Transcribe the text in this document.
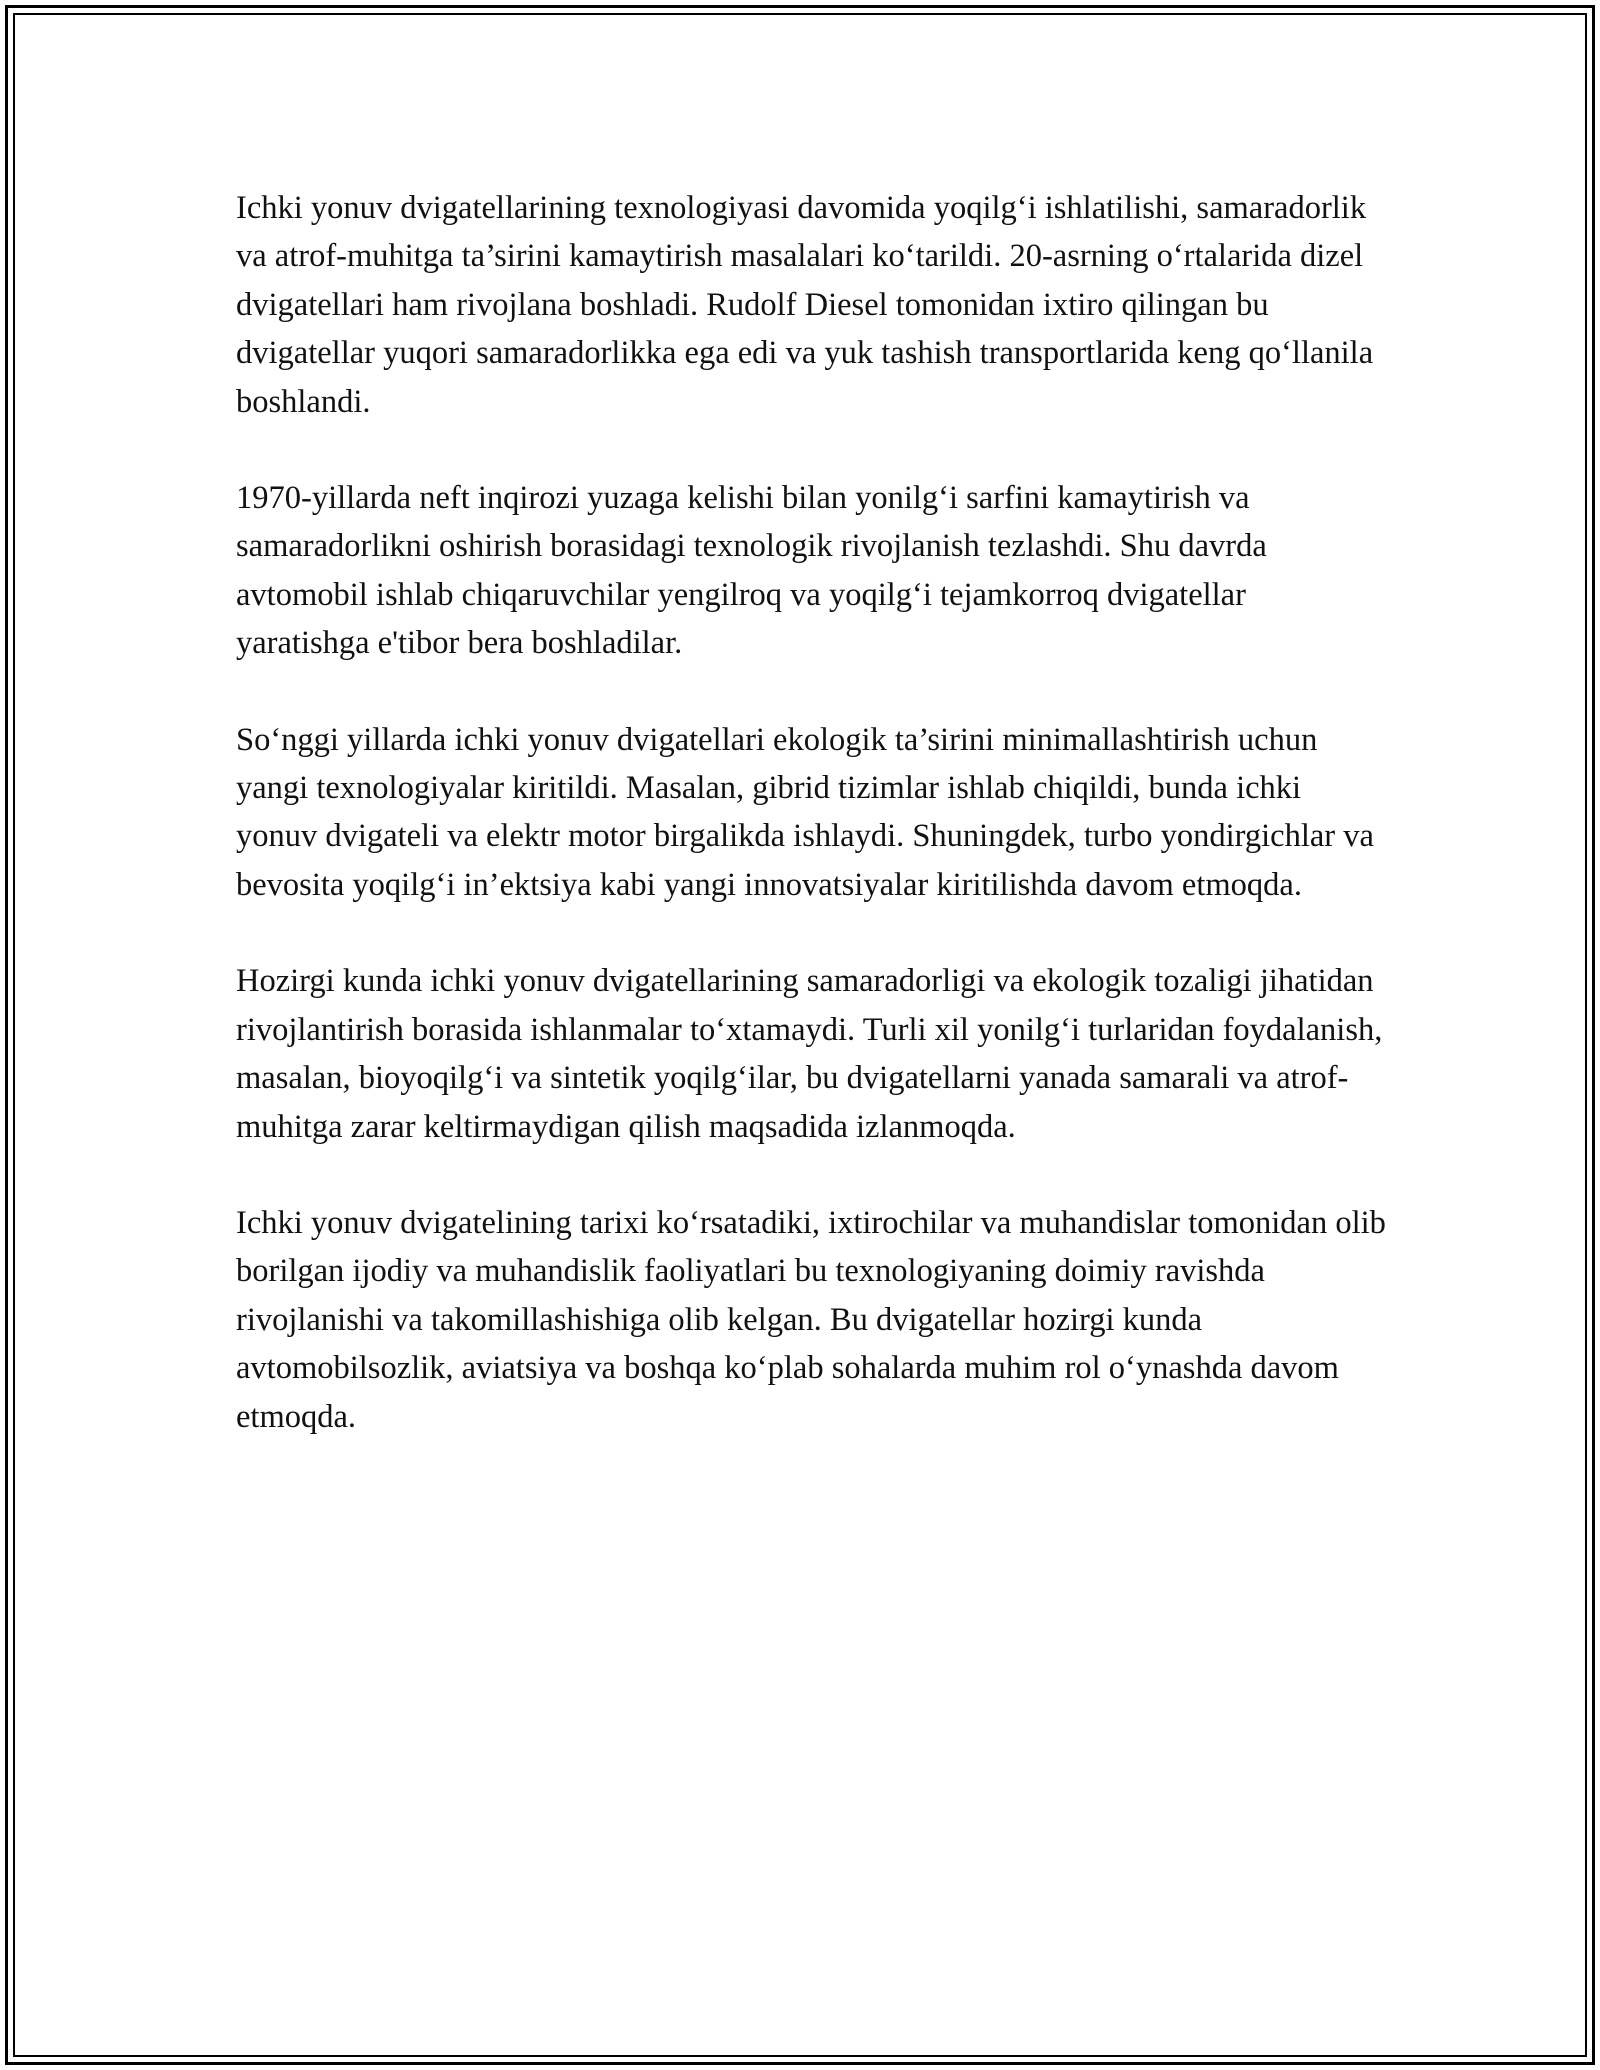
Ichki yonuv dvigatellarining texnologiyasi davomida yoqilg‘i ishlatilishi, samaradorlik va atrof-muhitga ta’sirini kamaytirish masalalari ko‘tarildi. 20-asrning o‘rtalarida dizel dvigatellari ham rivojlana boshladi. Rudolf Diesel tomonidan ixtiro qilingan bu dvigatellar yuqori samaradorlikka ega edi va yuk tashish transportlarida keng qo‘llanila boshlandi.

1970-yillarda neft inqirozi yuzaga kelishi bilan yonilg‘i sarfini kamaytirish va samaradorlikni oshirish borasidagi texnologik rivojlanish tezlashdi. Shu davrda avtomobil ishlab chiqaruvchilar yengilroq va yoqilg‘i tejamkorroq dvigatellar yaratishga e'tibor bera boshladilar.

So‘nggi yillarda ichki yonuv dvigatellari ekologik ta’sirini minimallashtirish uchun yangi texnologiyalar kiritildi. Masalan, gibrid tizimlar ishlab chiqildi, bunda ichki yonuv dvigateli va elektr motor birgalikda ishlaydi. Shuningdek, turbo yondirgichlar va bevosita yoqilg‘i in’ektsiya kabi yangi innovatsiyalar kiritilishda davom etmoqda.

Hozirgi kunda ichki yonuv dvigatellarining samaradorligi va ekologik tozaligi jihatidan rivojlantirish borasida ishlanmalar to‘xtamaydi. Turli xil yonilg‘i turlaridan foydalanish, masalan, bioyoqilg‘i va sintetik yoqilg‘ilar, bu dvigatellarni yanada samarali va atrof-muhitga zarar keltirmaydigan qilish maqsadida izlanmoqda.

Ichki yonuv dvigatelining tarixi ko‘rsatadiki, ixtirochilar va muhandislar tomonidan olib borilgan ijodiy va muhandislik faoliyatlari bu texnologiyaning doimiy ravishda rivojlanishi va takomillashishiga olib kelgan. Bu dvigatellar hozirgi kunda avtomobilsozlik, aviatsiya va boshqa ko‘plab sohalarda muhim rol o‘ynashda davom etmoqda.
